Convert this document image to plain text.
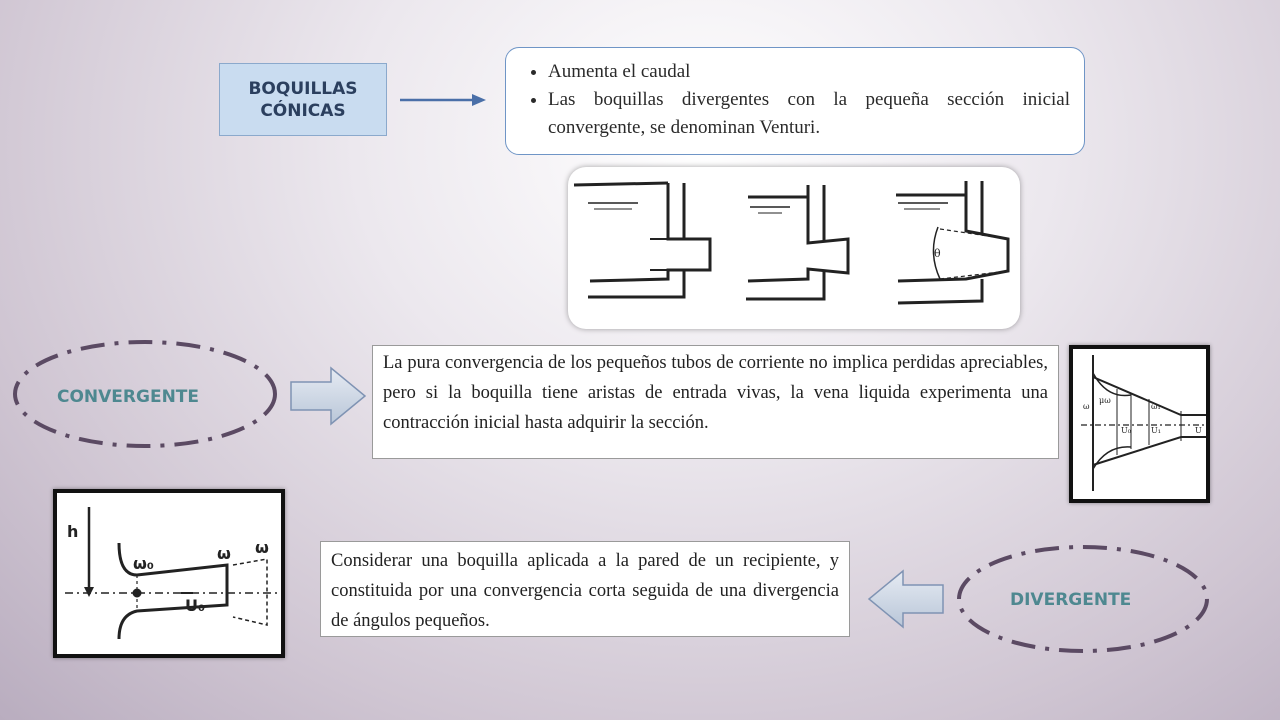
BOQUILLAS
CÓNICAS
• Aumenta el caudal
• Las boquillas divergentes con la pequeña sección inicial convergente, se denominan Venturi.
θ
CONVERGENTE
La pura convergencia de los pequeños tubos de corriente no implica perdidas apreciables, pero si la boquilla tiene aristas de entrada vivas, la vena liquida experimenta una contracción inicial hasta adquirir la sección.
ω
μω
U₀	U₁
ω₁
U
h
ω₀
ω ω
U₀
Considerar una boquilla aplicada a la pared de un recipiente, y constituida por una convergencia corta seguida de una divergencia de ángulos pequeños.
DIVERGENTE
